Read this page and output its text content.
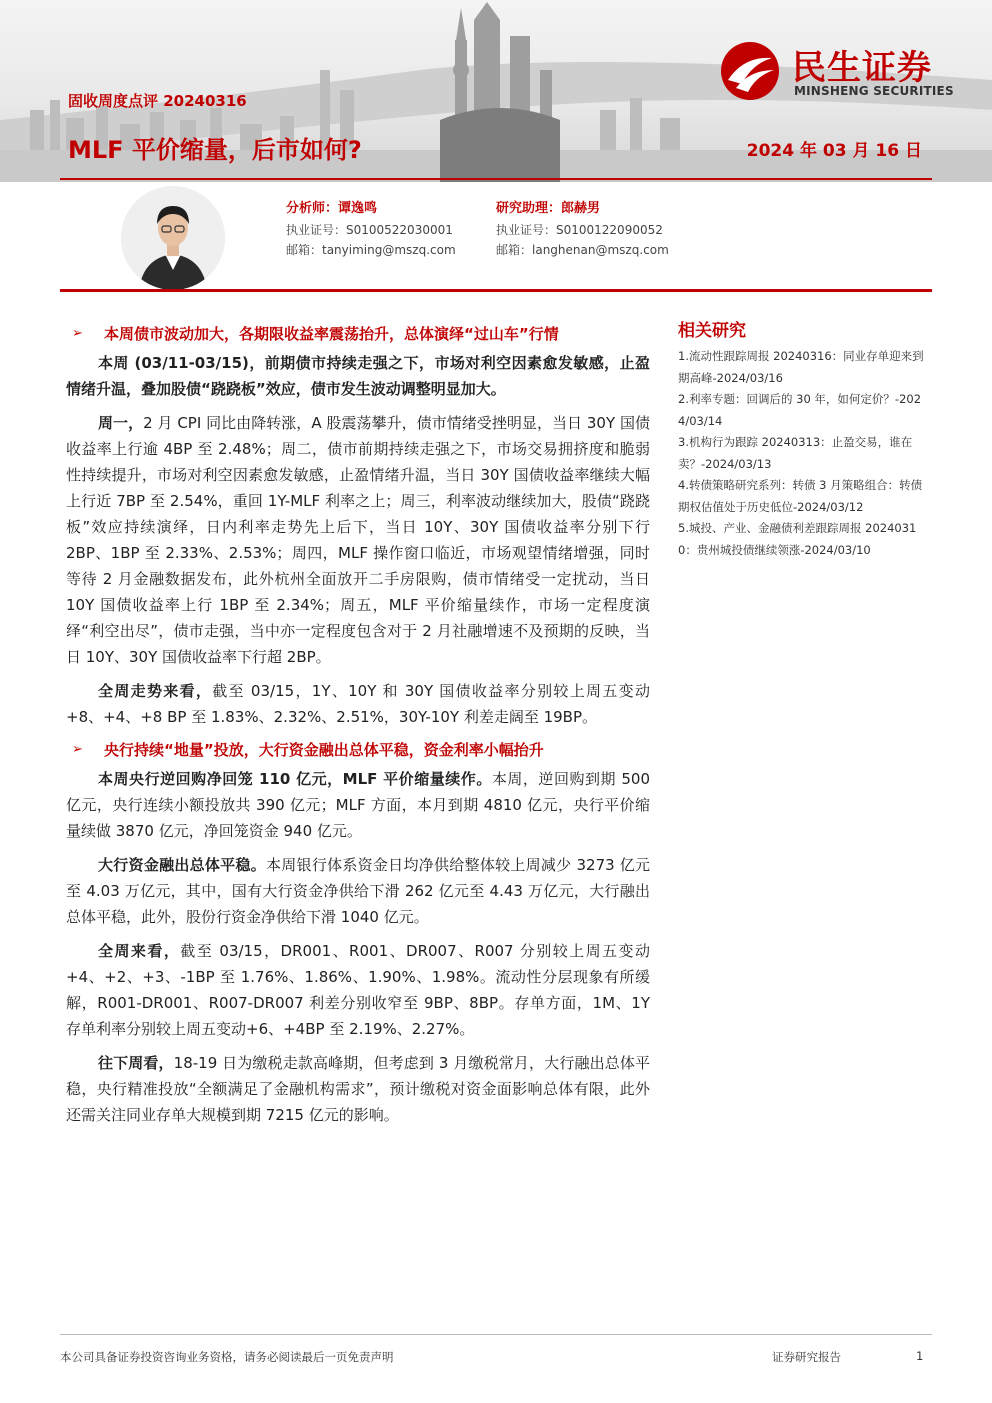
民生证券
MINSHENG SECURITIES
固收周度点评 20240316
MLF 平价缩量，后市如何?	2024 年 03 月 16 日
分析师：谭逸鸣
执业证号：S0100522030001
邮箱：tanyiming@mszq.com
研究助理：郎赫男
执业证号：S0100122090052
邮箱：langhenan@mszq.com
➢ 本周债市波动加大，各期限收益率震荡抬升，总体演绎“过山车”行情

本周 (03/11-03/15)，前期债市持续走强之下，市场对利空因素愈发敏感，止盈情绪升温，叠加股债“跷跷板”效应，债市发生波动调整明显加大。

周一，2 月 CPI 同比由降转涨，A 股震荡攀升，债市情绪受挫明显，当日 30Y 国债收益率上行逾 4BP 至 2.48%；周二，债市前期持续走强之下，市场交易拥挤度和脆弱性持续提升，市场对利空因素愈发敏感，止盈情绪升温，当日 30Y 国债收益率继续大幅上行近 7BP 至 2.54%，重回 1Y-MLF 利率之上；周三，利率波动继续加大，股债“跷跷板”效应持续演绎，日内利率走势先上后下，当日 10Y、30Y 国债收益率分别下行 2BP、1BP 至 2.33%、2.53%；周四，MLF 操作窗口临近，市场观望情绪增强，同时等待 2 月金融数据发布，此外杭州全面放开二手房限购，债市情绪受一定扰动，当日 10Y 国债收益率上行 1BP 至 2.34%；周五，MLF 平价缩量续作，市场一定程度演绎“利空出尽”，债市走强，当中亦一定程度包含对于 2 月社融增速不及预期的反映，当日 10Y、30Y 国债收益率下行超 2BP。

全周走势来看，截至 03/15，1Y、10Y 和 30Y 国债收益率分别较上周五变动+8、+4、+8 BP 至 1.83%、2.32%、2.51%，30Y-10Y 利差走阔至 19BP。

➢ 央行持续“地量”投放，大行资金融出总体平稳，资金利率小幅抬升

本周央行逆回购净回笼 110 亿元，MLF 平价缩量续作。本周，逆回购到期 500 亿元，央行连续小额投放共 390 亿元；MLF 方面，本月到期 4810 亿元，央行平价缩量续做 3870 亿元，净回笼资金 940 亿元。

大行资金融出总体平稳。本周银行体系资金日均净供给整体较上周减少 3273 亿元至 4.03 万亿元，其中，国有大行资金净供给下滑 262 亿元至 4.43 万亿元，大行融出总体平稳，此外，股份行资金净供给下滑 1040 亿元。

全周来看，截至 03/15，DR001、R001、DR007、R007 分别较上周五变动+4、+2、+3、-1BP 至 1.76%、1.86%、1.90%、1.98%。流动性分层现象有所缓解，R001-DR001、R007-DR007 利差分别收窄至 9BP、8BP。存单方面，1M、1Y 存单利率分别较上周五变动+6、+4BP 至 2.19%、2.27%。

往下周看，18-19 日为缴税走款高峰期，但考虑到 3 月缴税常月，大行融出总体平稳，央行精准投放“全额满足了金融机构需求”，预计缴税对资金面影响总体有限，此外还需关注同业存单大规模到期 7215 亿元的影响。

相关研究
1.流动性跟踪周报 20240316：同业存单迎来到期高峰-2024/03/16
2.利率专题：回调后的 30 年，如何定价？-2024/03/14
3.机构行为跟踪 20240313：止盈交易，谁在卖？-2024/03/13
4.转债策略研究系列：转债 3 月策略组合：转债期权估值处于历史低位-2024/03/12
5.城投、产业、金融债利差跟踪周报 20240310：贵州城投债继续领涨-2024/03/10
本公司具备证券投资咨询业务资格，请务必阅读最后一页免责声明	证券研究报告	1
